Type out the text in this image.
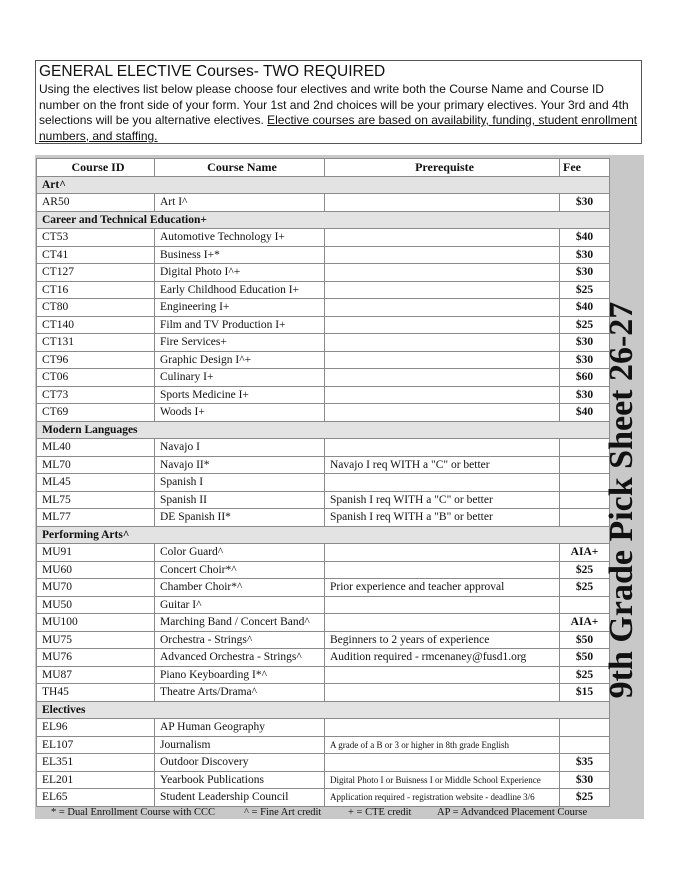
GENERAL ELECTIVE Courses- TWO REQUIRED

Using the electives list below please choose four electives and write both the Course Name and Course ID number on the front side of your form. Your 1st and 2nd choices will be your primary electives. Your 3rd and 4th selections will be you alternative electives. Elective courses are based on availability, funding, student enrollment numbers, and staffing.

Course ID	Course Name	Prerequiste	Fee
Art^			
AR50	Art I^		$30
Career and Technical Education+			
CT53	Automotive Technology I+		$40
CT41	Business I+*		$30
CT127	Digital Photo I^+		$30
CT16	Early Childhood Education I+		$25
CT80	Engineering I+		$40
CT140	Film and TV Production I+		$25
CT131	Fire Services+		$30
CT96	Graphic Design I^+		$30
CT06	Culinary I+		$60
CT73	Sports Medicine I+		$30
CT69	Woods I+		$40
Modern Languages			
ML40	Navajo I		
ML70	Navajo II*	Navajo I req WITH a "C" or better	
ML45	Spanish I		
ML75	Spanish II	Spanish I req WITH a "C" or better	
ML77	DE Spanish II*	Spanish I req WITH a "B" or better	
Performing Arts^			
MU91	Color Guard^		AIA+
MU60	Concert Choir*^		$25
MU70	Chamber Choir*^	Prior experience and teacher approval	$25
MU50	Guitar I^		
MU100	Marching Band / Concert Band^		AIA+
MU75	Orchestra - Strings^	Beginners to 2 years of experience	$50
MU76	Advanced Orchestra - Strings^	Audition required - rmcenaney@fusd1.org	$50
MU87	Piano Keyboarding I*^		$25
TH45	Theatre Arts/Drama^		$15
Electives			
EL96	AP Human Geography		
EL107	Journalism	A grade of a B or 3 or higher in 8th grade English	
EL351	Outdoor Discovery		$35
EL201	Yearbook Publications	Digital Photo I or Buisness I or Middle School Experience	$30
EL65	Student Leadership Council	Application required - registration website - deadline 3/6	$25
9th Grade Pick Sheet 26-27
* = Dual Enrollment Course with CCC	^ = Fine Art credit	+ = CTE credit AP = Advandced Placement Course
